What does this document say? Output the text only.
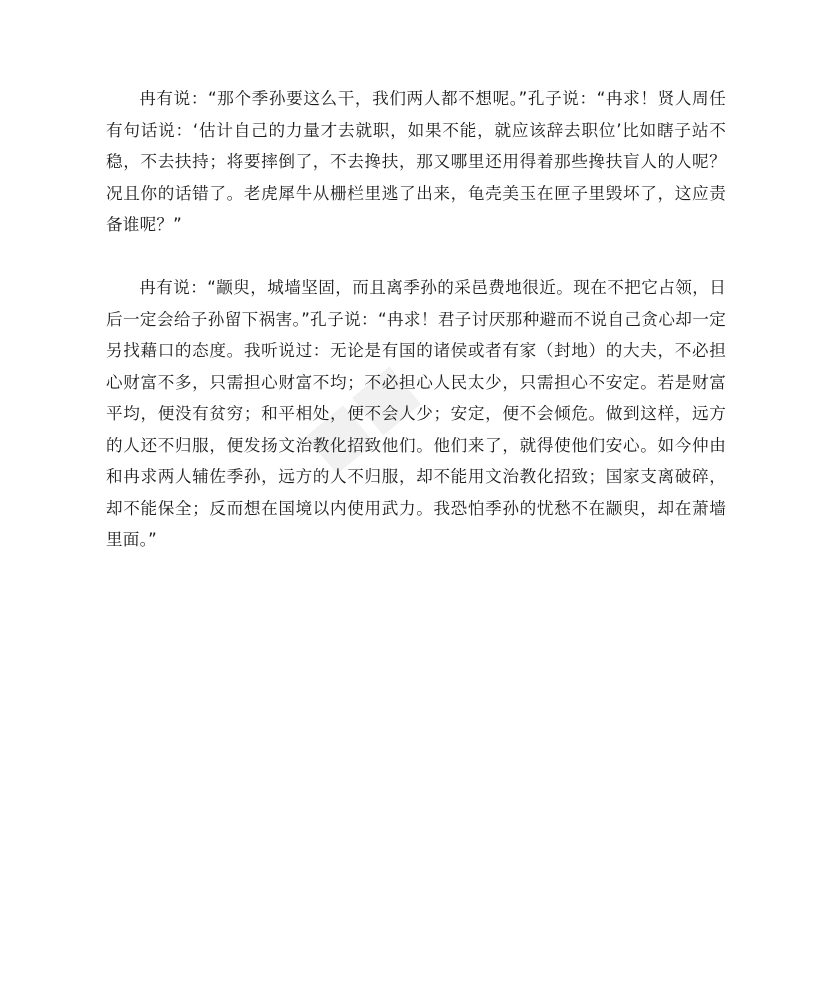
■■

冉有说：“那个季孙要这么干，我们两人都不想呢。”孔子说：“冉求！贤人周任有句话说：‘估计自己的力量才去就职，如果不能，就应该辞去职位’比如瞎子站不稳，不去扶持；将要摔倒了，不去搀扶，那又哪里还用得着那些搀扶盲人的人呢？况且你的话错了。老虎犀牛从栅栏里逃了出来，龟壳美玉在匣子里毁坏了，这应责备谁呢？”

冉有说：“颛臾，城墙坚固，而且离季孙的采邑费地很近。现在不把它占领，日后一定会给子孙留下祸害。”孔子说：“冉求！君子讨厌那种避而不说自己贪心却一定另找藉口的态度。我听说过：无论是有国的诸侯或者有家（封地）的大夫，不必担心财富不多，只需担心财富不均；不必担心人民太少，只需担心不安定。若是财富平均，便没有贫穷；和平相处，便不会人少；安定，便不会倾危。做到这样，远方的人还不归服，便发扬文治教化招致他们。他们来了，就得使他们安心。如今仲由和冉求两人辅佐季孙，远方的人不归服，却不能用文治教化招致；国家支离破碎，却不能保全；反而想在国境以内使用武力。我恐怕季孙的忧愁不在颛臾，却在萧墙里面。”
